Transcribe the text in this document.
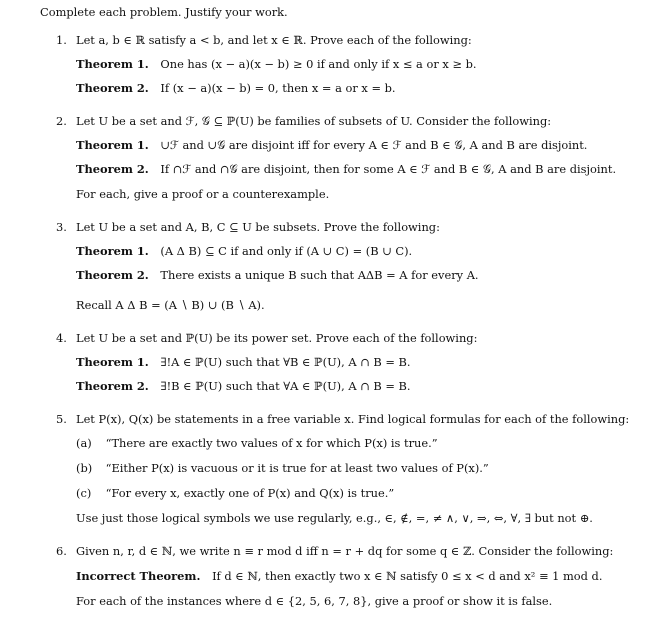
Complete each problem. Justify your work.
1. Let a, b ∈ ℝ satisfy a < b, and let x ∈ ℝ. Prove each of the following:
Theorem 1. One has (x − a)(x − b) ≥ 0 if and only if x ≤ a or x ≥ b.
Theorem 2. If (x − a)(x − b) = 0, then x = a or x = b.
2. Let U be a set and ℱ, 𝒢 ⊆ ℙ(U) be families of subsets of U. Consider the following:
Theorem 1. ∪ℱ and ∪𝒢 are disjoint iff for every A ∈ ℱ and B ∈ 𝒢, A and B are disjoint.
Theorem 2. If ∩ℱ and ∩𝒢 are disjoint, then for some A ∈ ℱ and B ∈ 𝒢, A and B are disjoint.
For each, give a proof or a counterexample.
3. Let U be a set and A, B, C ⊆ U be subsets. Prove the following:
Theorem 1. (A Δ B) ⊆ C if and only if (A ∪ C) = (B ∪ C).
Theorem 2. There exists a unique B such that AΔB = A for every A.
Recall A Δ B = (A ∖ B) ∪ (B ∖ A).
4. Let U be a set and ℙ(U) be its power set. Prove each of the following:
Theorem 1. ∃!A ∈ ℙ(U) such that ∀B ∈ ℙ(U), A ∩ B = B.
Theorem 2. ∃!B ∈ ℙ(U) such that ∀A ∈ ℙ(U), A ∩ B = B.
5. Let P(x), Q(x) be statements in a free variable x. Find logical formulas for each of the following:
(a) “There are exactly two values of x for which P(x) is true.”
(b) “Either P(x) is vacuous or it is true for at least two values of P(x).”
(c) “For every x, exactly one of P(x) and Q(x) is true.”
Use just those logical symbols we use regularly, e.g., ∈, ∉, =, ≠ ∧, ∨, ⇒, ⇔, ∀, ∃ but not ⊕.
6. Given n, r, d ∈ ℕ, we write n ≡ r mod d iff n = r + dq for some q ∈ ℤ. Consider the following:
Incorrect Theorem. If d ∈ ℕ, then exactly two x ∈ ℕ satisfy 0 ≤ x < d and x² ≡ 1 mod d.
For each of the instances where d ∈ {2, 5, 6, 7, 8}, give a proof or show it is false.
